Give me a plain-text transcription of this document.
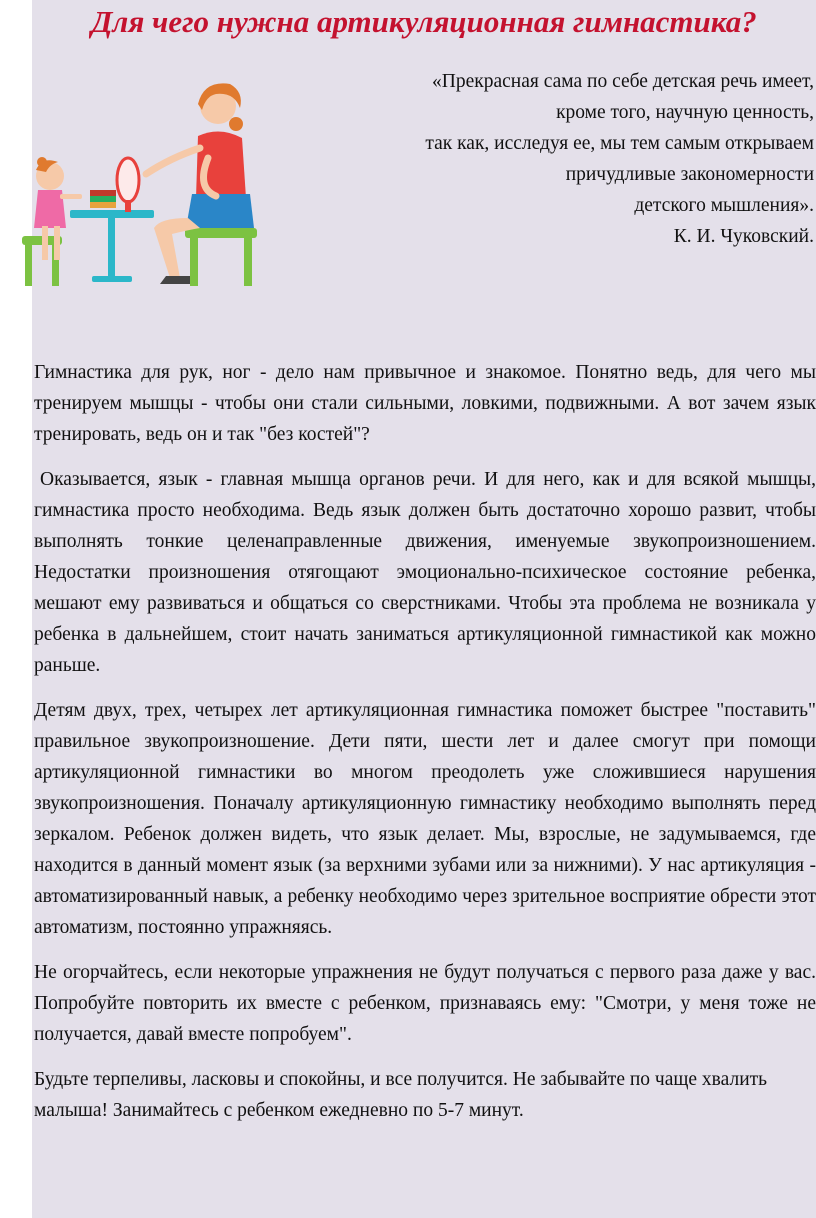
Для чего нужна артикуляционная гимнастика?
«Прекрасная сама по себе детская речь имеет,
кроме того, научную ценность,
так как, исследуя ее, мы тем самым открываем
причудливые закономерности
детского мышления».
К. И. Чуковский.

Гимнастика для рук, ног - дело нам привычное и знакомое. Понятно ведь, для чего мы тренируем мышцы - чтобы они стали сильными, ловкими, подвижными. А вот зачем язык тренировать, ведь он и так "без костей"?

Оказывается, язык - главная мышца органов речи. И для него, как и для всякой мышцы, гимнастика просто необходима. Ведь язык должен быть достаточно хорошо развит, чтобы выполнять тонкие целенаправленные движения, именуемые звукопроизношением. Недостатки произношения отягощают эмоционально-психическое состояние ребенка, мешают ему развиваться и общаться со сверстниками. Чтобы эта проблема не возникала у ребенка в дальнейшем, стоит начать заниматься артикуляционной гимнастикой как можно раньше.

Детям двух, трех, четырех лет артикуляционная гимнастика поможет быстрее "поставить" правильное звукопроизношение. Дети пяти, шести лет и далее смогут при помощи артикуляционной гимнастики во многом преодолеть уже сложившиеся нарушения звукопроизношения. Поначалу артикуляционную гимнастику необходимо выполнять перед зеркалом. Ребенок должен видеть, что язык делает. Мы, взрослые, не задумываемся, где находится в данный момент язык (за верхними зубами или за нижними). У нас артикуляция - автоматизированный навык, а ребенку необходимо через зрительное восприятие обрести этот автоматизм, постоянно упражняясь.

Не огорчайтесь, если некоторые упражнения не будут получаться с первого раза даже у вас. Попробуйте повторить их вместе с ребенком, признаваясь ему: "Смотри, у меня тоже не получается, давай вместе попробуем".

Будьте терпеливы, ласковы и спокойны, и все получится. Не забывайте по чаще хвалить малыша! Занимайтесь с ребенком ежедневно по 5-7 минут.
